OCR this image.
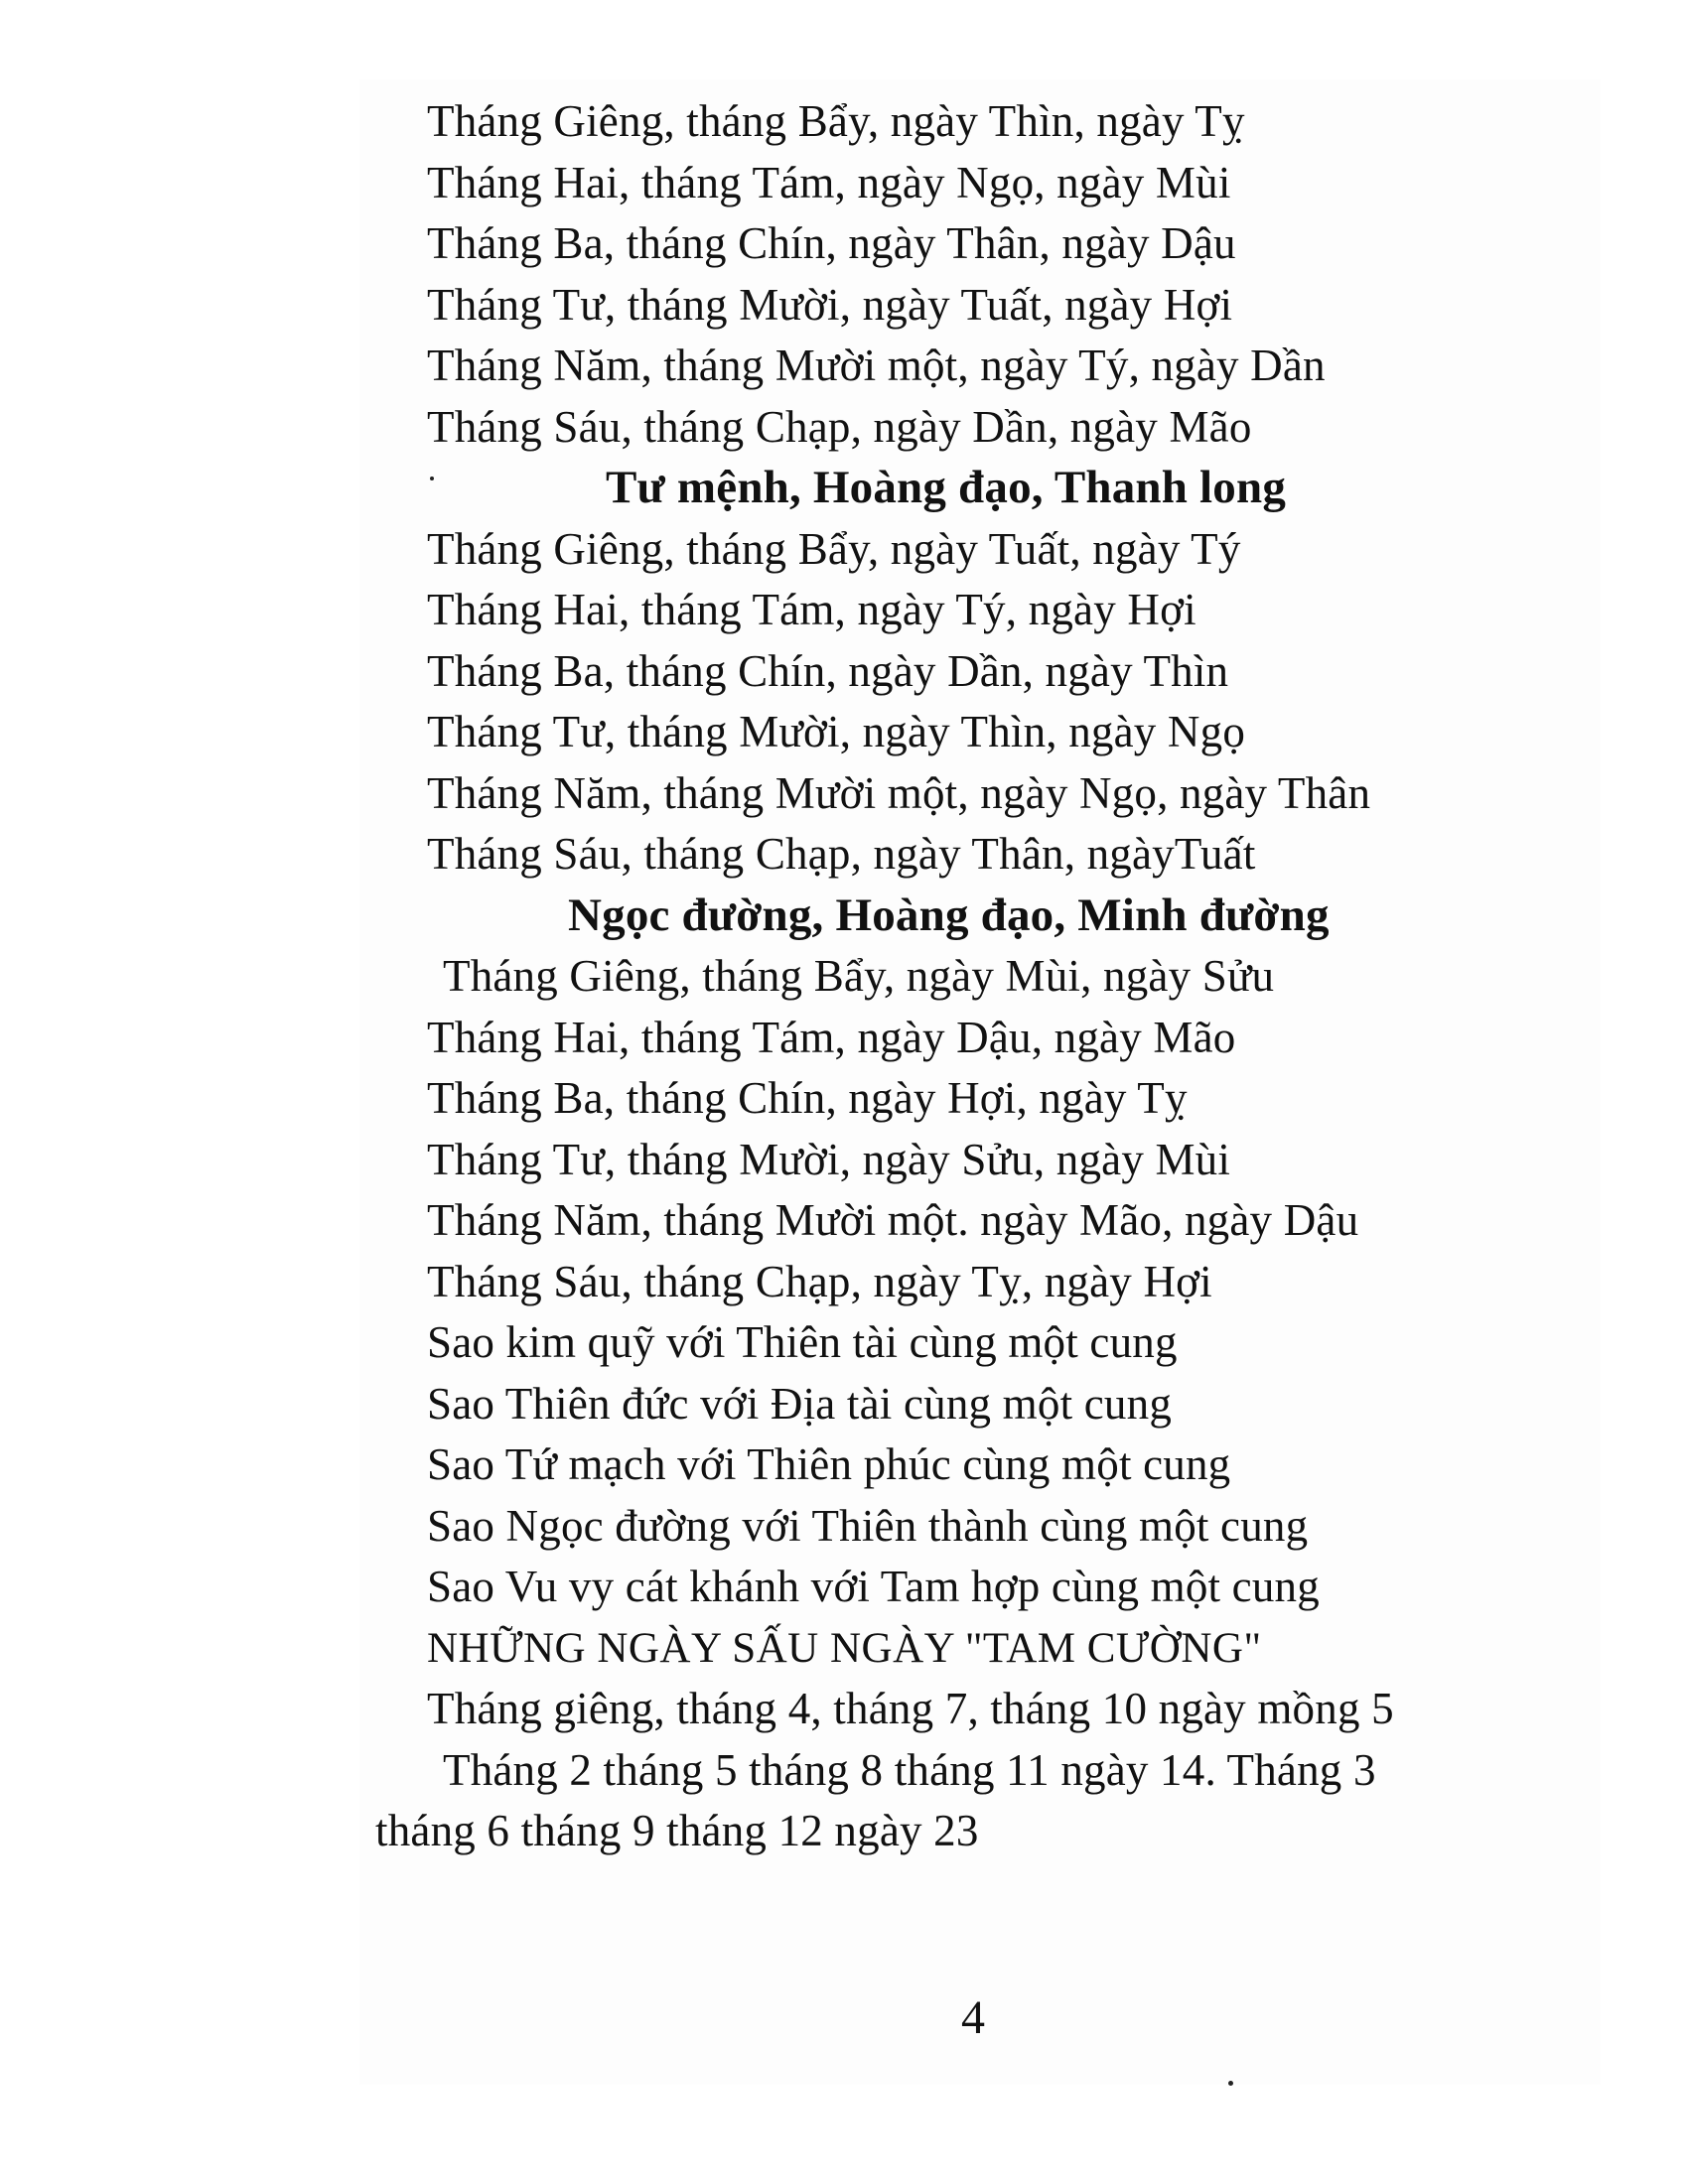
Tháng Giêng, tháng Bẩy, ngày Thìn, ngày Tỵ
Tháng Hai, tháng Tám, ngày Ngọ, ngày Mùi
Tháng Ba, tháng Chín, ngày Thân, ngày Dậu
Tháng Tư, tháng Mười, ngày Tuất, ngày Hợi
Tháng Năm, tháng Mười một, ngày Tý, ngày Dần
Tháng Sáu, tháng Chạp, ngày Dần, ngày Mão
Tư mệnh, Hoàng đạo, Thanh long
Tháng Giêng, tháng Bẩy, ngày Tuất, ngày Tý
Tháng Hai, tháng Tám, ngày Tý, ngày Hợi
Tháng Ba, tháng Chín, ngày Dần, ngày Thìn
Tháng Tư, tháng Mười, ngày Thìn, ngày Ngọ
Tháng Năm, tháng Mười một, ngày Ngọ, ngày Thân
Tháng Sáu, tháng Chạp, ngày Thân, ngàyTuất
Ngọc đường, Hoàng đạo, Minh đường
Tháng Giêng, tháng Bẩy, ngày Mùi, ngày Sửu
Tháng Hai, tháng Tám, ngày Dậu, ngày Mão
Tháng Ba, tháng Chín, ngày Hợi, ngày Tỵ
Tháng Tư, tháng Mười, ngày Sửu, ngày Mùi
Tháng Năm, tháng Mười một. ngày Mão, ngày Dậu
Tháng Sáu, tháng Chạp, ngày Tỵ, ngày Hợi
Sao kim quỹ với Thiên tài cùng một cung
Sao Thiên đức với Địa tài cùng một cung
Sao Tứ mạch với Thiên phúc cùng một cung
Sao Ngọc đường với Thiên thành cùng một cung
Sao Vu vy cát khánh với Tam hợp cùng một cung
NHỮNG NGÀY SẤU NGÀY "TAM CƯỜNG"
Tháng giêng, tháng 4, tháng 7, tháng 10 ngày mồng 5
Tháng 2 tháng 5 tháng 8 tháng 11 ngày 14. Tháng 3
tháng 6 tháng 9 tháng 12 ngày 23
4
